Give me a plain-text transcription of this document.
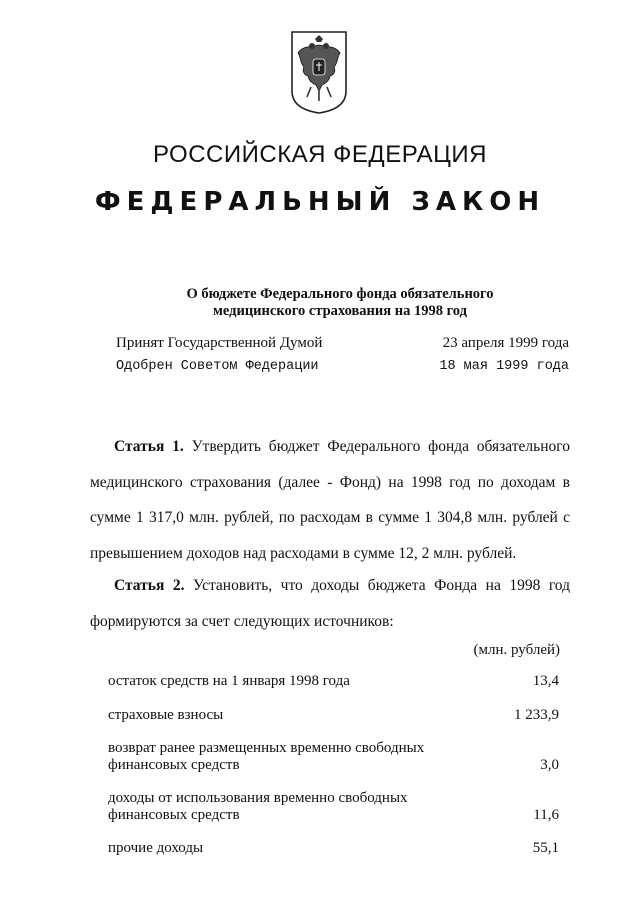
РОССИЙСКАЯ ФЕДЕРАЦИЯ
ФЕДЕРАЛЬНЫЙ ЗАКОН
О бюджете Федерального фонда обязательного
медицинского страхования на 1998 год
Принят Государственной Думой	23 апреля 1999 года
Одобрен Советом Федерации	18 мая 1999 года
Статья 1. Утвердить бюджет Федерального фонда обязательного медицинского страхования (далее - Фонд) на 1998 год по доходам в сумме 1 317,0 млн. рублей, по расходам в сумме 1 304,8 млн. рублей с превышением доходов над расходами в сумме 12, 2 млн. рублей.
Статья 2. Установить, что доходы бюджета Фонда на 1998 год формируются за счет следующих источников:
(млн. рублей)
остаток средств на 1 января 1998 года	13,4
страховые взносы	1 233,9
возврат ранее размещенных временно свободных финансовых средств	3,0
доходы от использования временно свободных финансовых средств	11,6
прочие доходы	55,1
